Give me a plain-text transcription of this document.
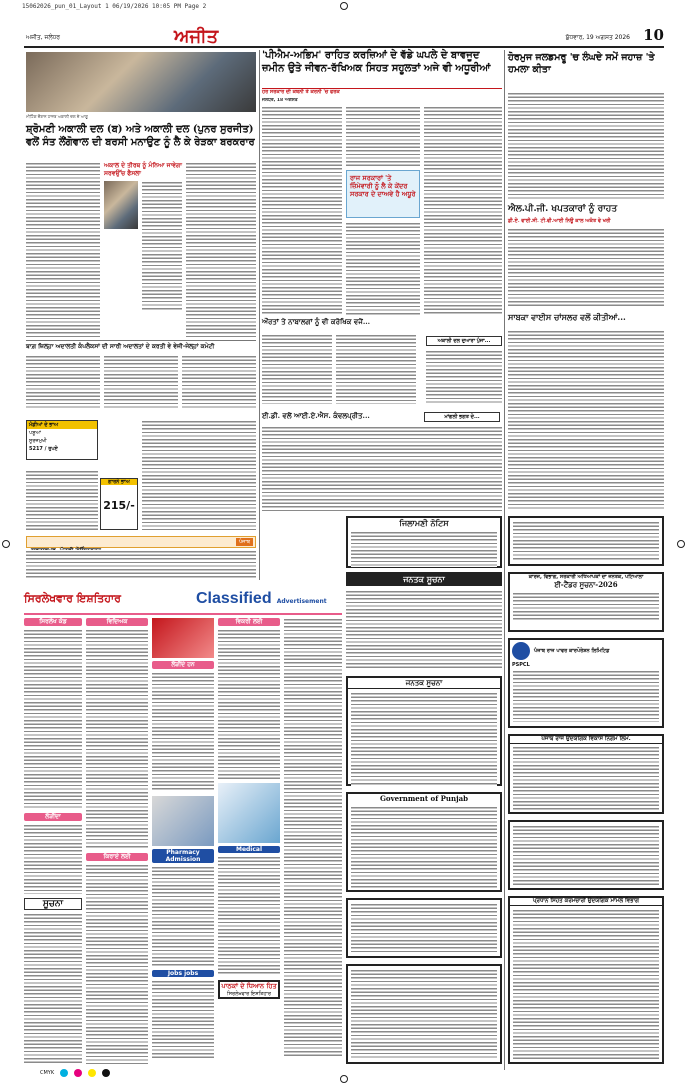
15062026_pun_01_Layout 1 06/19/2026 10:05 PM Page 2
ਅਜੀਤ, ਜਲੰਧਰ	ਅਜੀਤ	ਬੁੱਧਵਾਰ, 19 ਅਗਸਤ 2026 10
ਮੀਟਿੰਗ ਦੌਰਾਨ ਹਾਜ਼ਰ ਅਕਾਲੀ ਦਲ ਦੇ ਆਗੂ
ਸ਼੍ਰੋਮਣੀ ਅਕਾਲੀ ਦਲ (ਬ) ਅਤੇ ਅਕਾਲੀ ਦਲ (ਪੁਨਰ ਸੁਰਜੀਤ) ਵਲੋਂ ਸੰਤ ਲੌਂਗੋਵਾਲ ਦੀ ਬਰਸੀ ਮਨਾਉਣ ਨੂੰ ਲੈ ਕੇ ਰੇੜਕਾ ਬਰਕਰਾਰ
ਅਕਾਲ ਦੇ ਤੀਰਥ ਨੂੰ ਮੰਨਿਆ ਜਾਵੇਗਾ ਸਰਵਉੱਚ ਫੈਸਲਾ
ਬਾਗ਼ ਜ਼ਿਲ੍ਹਾ ਅਦਾਲਤੀ ਕੰਪਲੈਕਸਾਂ ਦੀ ਸਾਰੀ ਅਦਾਲਤਾਂ ਦੇ ਕਰਤੀ ਵੇ ਵੇਜੀ-ਜੇਲ੍ਹਾਂ ਕਮੇਟੀ
ਮੰਡੀਆਂ ਦੇ ਭਾਅ
ਪਸ਼ੂਆਂ
ਸੂਰਜਮੁਖੀ
5217 / ਰੁਪਏ
ਗਾਰਨੇ ਭਾਅ
215/-
ਪੰਜਾਬ
'ਪੀਐਮ-ਅਭਿਮ' ਰਾਹਿਤ ਕਰਜ਼ਿਆਂ ਦੇ ਵੱਡੇ ਘਪਲੇ ਦੇ ਬਾਵਜੂਦ ਜ਼ਮੀਨ ਉਤੇ ਜੀਵਨ-ਰੱਖਿਅਕ ਸਿਹਤ ਸਹੂਲਤਾਂ ਅਜੇ ਵੀ ਅਧੂਰੀਆਂ
ਹਰ ਸਰਕਾਰ ਦੀ ਕਥਨੀ ਤੇ ਕਰਨੀ 'ਚ ਫਰਕ
ਜਲੰਧਰ, 18 ਅਗਸਤ
ਰਾਜ ਸਰਕਾਰਾਂ 'ਤੇ ਜ਼ਿੰਮੇਵਾਰੀ ਨੂੰ ਲੈ ਕੇ ਕੇਂਦਰ ਸਰਕਾਰ ਦੇ ਦਾਅਵੇ ਹੈ ਅਧੂਰੇ
ਔਰਤਾਂ ਤੇ ਨਾਬਾਲਗਾਂ ਨੂੰ ਵੀ ਕਰੋਖਿਕ ਵਜੋਂ...
ਅਕਾਲੀ ਦਲ ਦੁਆਰਾ ਪੁੰਜਾ...
ਈ.ਡੀ. ਵਲੋਂ ਆਈ.ਏ.ਐਸ. ਕੰਵਲਪ੍ਰੀਤ...	ਮਾਂਗਲੀ ਭਗਤ ਦੇ...
ਜਿਲਾਮਣੀ ਨੋਟਿਸ
ਜਨਤਕ ਸੂਚਨਾ
ਜਨਤਕ ਸੂਚਨਾ
Government of Punjab
ਹੋਰਮੁਜ ਜਲਡਮਰੂ 'ਚ ਲੰਘਦੇ ਸਮੇਂ ਜਹਾਜ਼ 'ਤੇ ਹਮਲਾ ਕੀਤਾ
ਐਲ.ਪੀ.ਜੀ. ਖਪਤਕਾਰਾਂ ਨੂੰ ਰਾਹਤ
ਡੀ.ਏ. ਵਾਈ.ਸੀ. ਟੀ.ਵੀ.ਆਈ ਨਿਊ ਕਾਲ ਅਕੱਤ ਵੇ ਖਰੀ
ਸਾਬਕਾ ਵਾਈਸ ਚਾਂਸਲਰ ਵਲੋਂ ਕੀਤੀਆਂ...
ਕਾਰਜ, ਵਿਭਾਗ, ਸਰਕਾਰੀ ਅਧਿਆਪਕਾਂ ਦਾ ਜਨਤਕ, ਪਟਿਆਲਾ
ਈ-ਟੈਂਡਰ ਸੂਚਨਾ-2026
ਪੰਜਾਬ ਰਾਜ ਪਾਵਰ ਕਾਰਪੋਰੇਸ਼ਨ ਲਿਮਿਟਿਡ
PSPCL
ਪੰਜਾਬ ਰਾਜ ਉਦਯੋਗਿਕ ਵਿਕਾਸ ਨਿਗਮ ਲਿਮ.
ਪ੍ਰਧਾਨ ਸਿਹਤ ਕਰਮਚਾਰੀ ਉਦਯੋਗਿਕ ਮਾਮਲੇ ਵਿਭਾਗ
ਸਿਰਲੇਖਵਾਰ ਇਸ਼ਤਿਹਾਰ	Classified Advertisement
ਸਿਰਲੇਖ ਕੋਡ
ਲੋੜੀਂਦਾ
ਸੂਚਨਾ
ਵਿਦਿਅਕ
ਕਿਰਾਏ ਲਈ
ਲੋੜੀਂਦੇ ਹਨ
Pharmacy Admission
Jobs jobs
ਵਿਕਰੀ ਲਈ
Medical
ਪਾਠਕਾਂ ਦੇ ਧਿਆਨ ਹਿਤ
ਸਿਰਲੇਖਵਾਰ ਇਸ਼ਤਿਹਾਰ
CMYK
